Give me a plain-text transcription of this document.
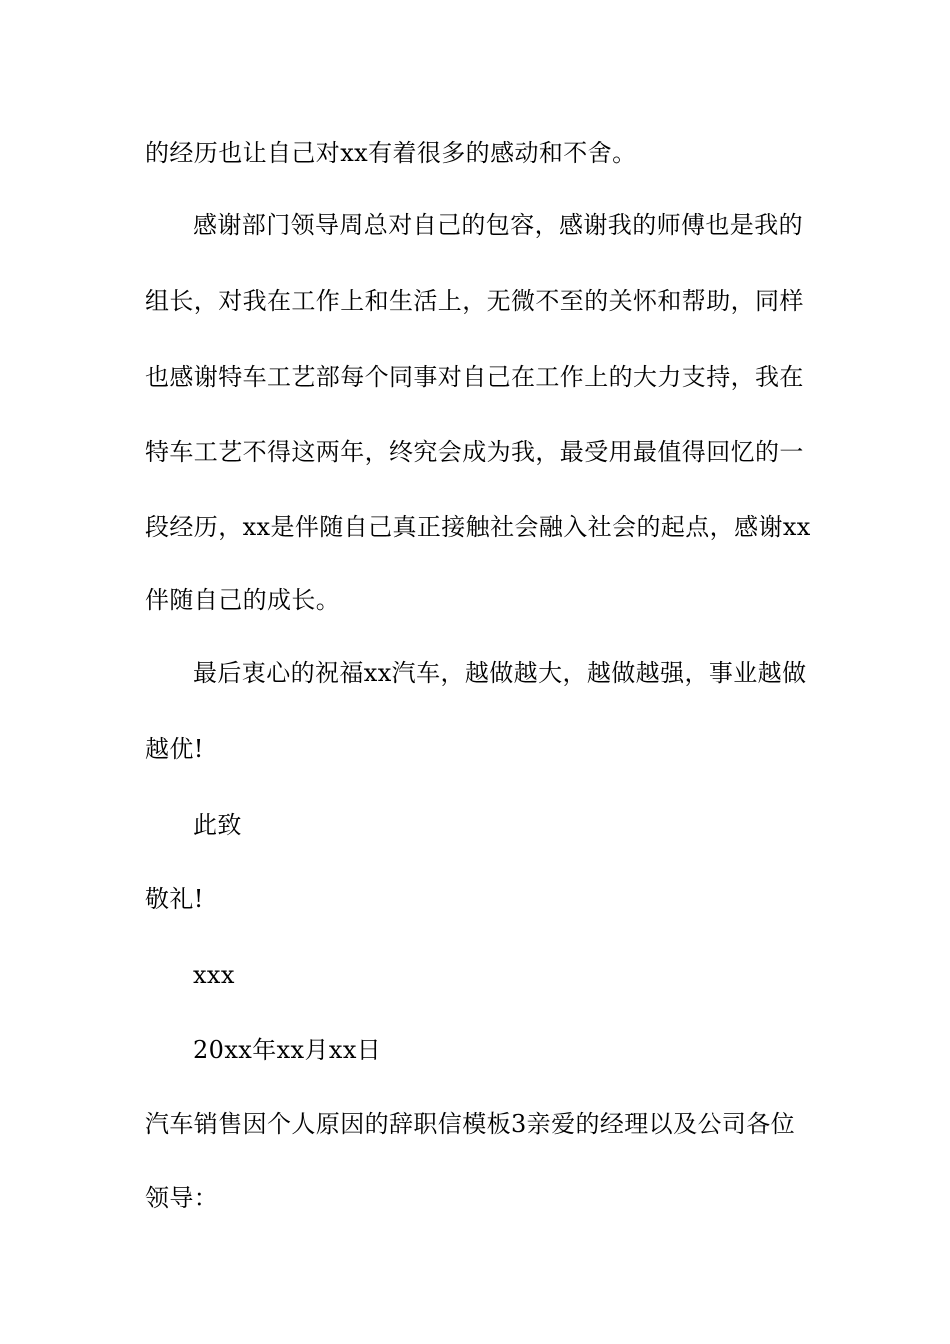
的经历也让自己对xx有着很多的感动和不舍。
感谢部门领导周总对自己的包容，感谢我的师傅也是我的
组长，对我在工作上和生活上，无微不至的关怀和帮助，同样
也感谢特车工艺部每个同事对自己在工作上的大力支持，我在
特车工艺不得这两年，终究会成为我，最受用最值得回忆的一
段经历，xx是伴随自己真正接触社会融入社会的起点，感谢xx
伴随自己的成长。
最后衷心的祝福xx汽车，越做越大，越做越强，事业越做
越优!
此致
敬礼!
xxx
20xx年xx月xx日
汽车销售因个人原因的辞职信模板3亲爱的经理以及公司各位
领导：
